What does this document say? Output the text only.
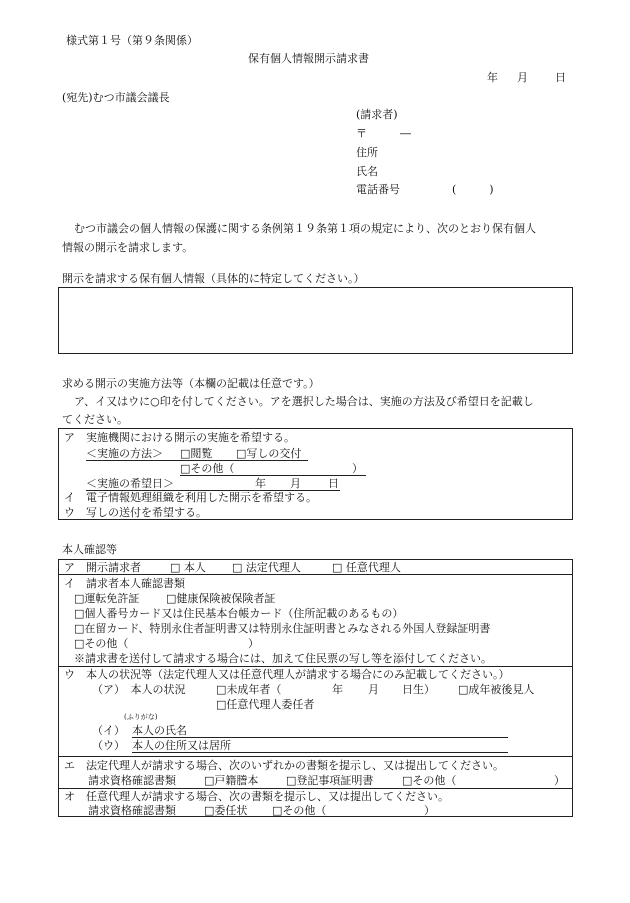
様式第１号（第９条関係）
保有個人情報開示請求書
年 月 日
(宛先)むつ市議会議長
(請求者)
〒	―
住所
氏名
電話番号	(　　　)
むつ市議会の個人情報の保護に関する条例第１９条第１項の規定により、次のとおり保有個人
情報の開示を請求します。
開示を請求する保有個人情報（具体的に特定してください。）
求める開示の実施方法等（本欄の記載は任意です。）
ア、イ又はウに○印を付してください。アを選択した場合は、実施の方法及び希望日を記載し
てください。
ア　実施機関における開示の実施を希望する。
＜実施の方法＞ □閲覧 □写しの交付
□その他（	）
＜実施の希望日＞	年 月 日
イ　電子情報処理組織を利用した開示を希望する。
ウ　写しの送付を希望する。
本人確認等
ア　開示請求者	□ 本人 □ 法定代理人	□ 任意代理人
イ　請求者本人確認書類
□運転免許証 □健康保険被保険者証
□個人番号カード又は住民基本台帳カード（住所記載のあるもの）
□在留カード、特別永住者証明書又は特別永住証明書とみなされる外国人登録証明書
□その他（	）
※請求書を送付して請求する場合には、加えて住民票の写し等を添付してください。
ウ　本人の状況等（法定代理人又は任意代理人が請求する場合にのみ記載してください。）
（ア）　本人の状況	□未成年者（	年 月 日生） □成年被後見人
□任意代理人委任者
(ふりがな)
（イ） 本人の氏名
（ウ） 本人の住所又は居所
エ　法定代理人が請求する場合、次のいずれかの書類を提示し、又は提出してください。
請求資格確認書類	□戸籍謄本	□登記事項証明書	□その他（	）
オ　任意代理人が請求する場合、次の書類を提示し、又は提出してください。
請求資格確認書類	□委任状 □その他（	）
